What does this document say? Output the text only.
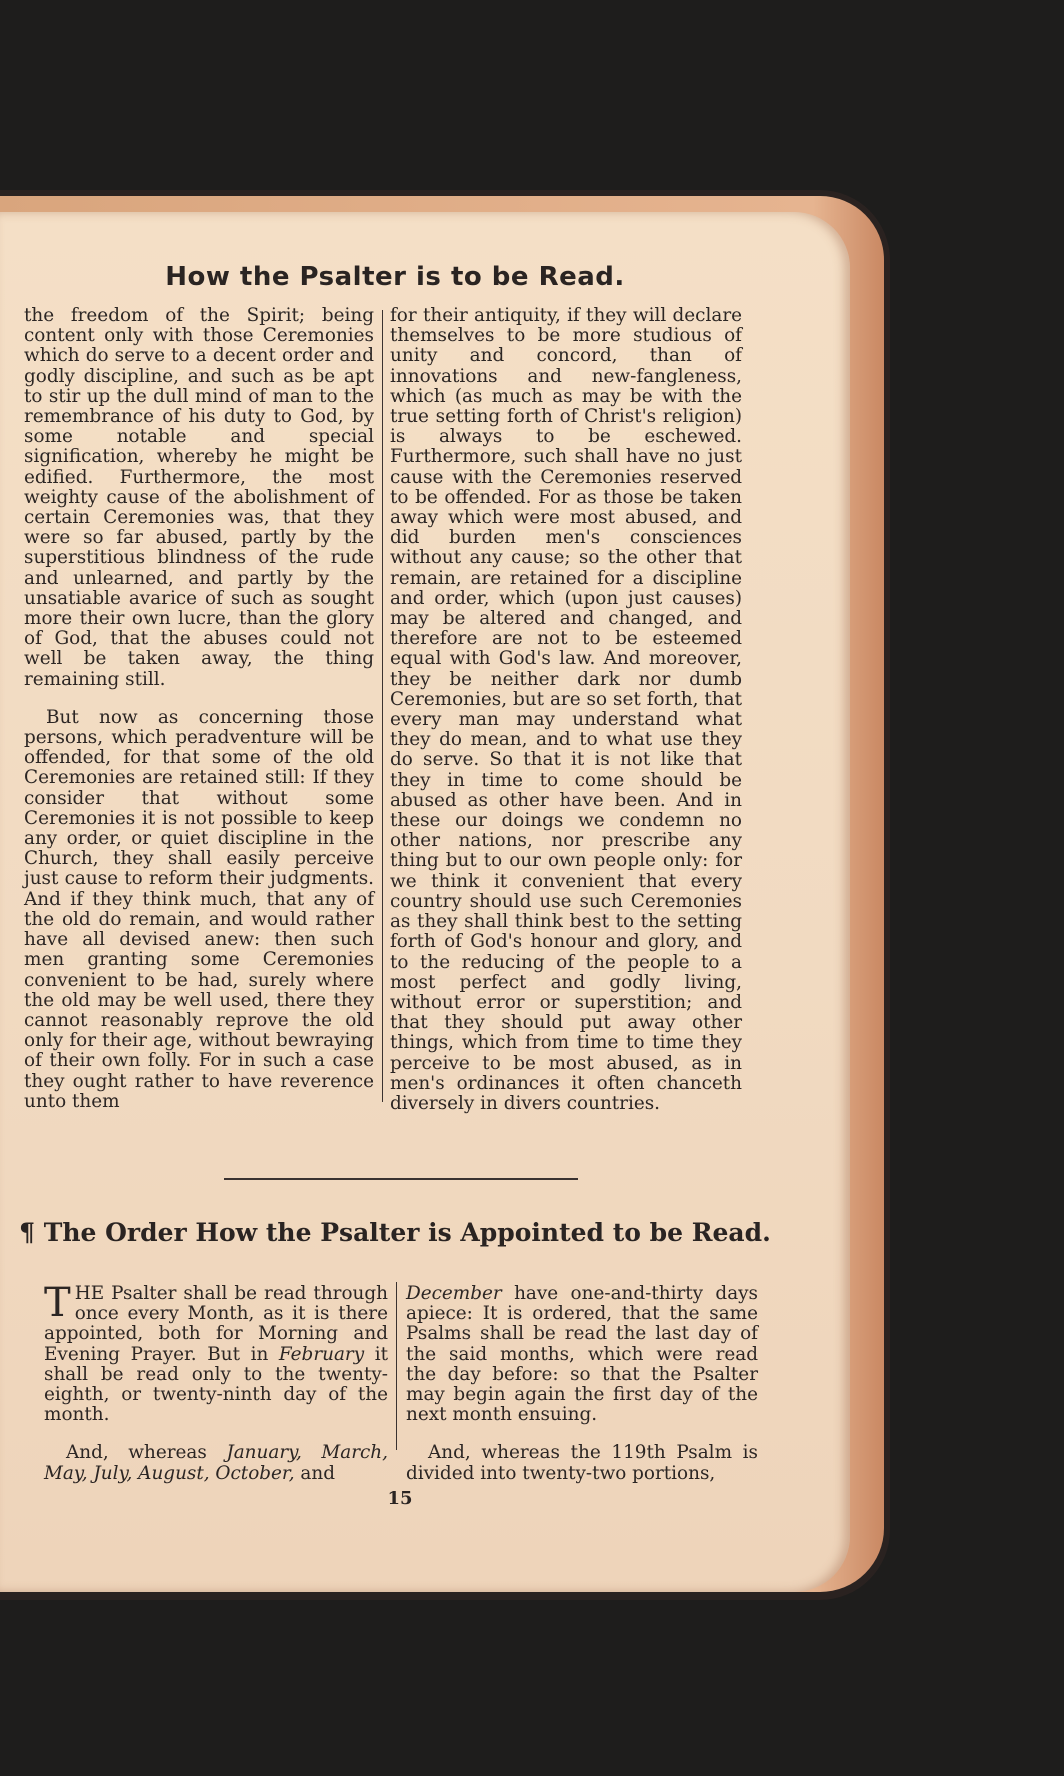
How the Psalter is to be Read.

the freedom of the Spirit; being content only with those Ceremonies which do serve to a decent order and godly discipline, and such as be apt to stir up the dull mind of man to the remembrance of his duty to God, by some notable and special signification, whereby he might be edified. Furthermore, the most weighty cause of the abolishment of certain Ceremonies was, that they were so far abused, partly by the superstitious blindness of the rude and unlearned, and partly by the unsatiable avarice of such as sought more their own lucre, than the glory of God, that the abuses could not well be taken away, the thing remaining still.

But now as concerning those persons, which peradventure will be offended, for that some of the old Ceremonies are retained still: If they consider that without some Ceremonies it is not possible to keep any order, or quiet discipline in the Church, they shall easily perceive just cause to reform their judgments. And if they think much, that any of the old do remain, and would rather have all devised anew: then such men granting some Ceremonies convenient to be had, surely where the old may be well used, there they cannot reasonably reprove the old only for their age, without bewraying of their own folly. For in such a case they ought rather to have reverence unto them

for their antiquity, if they will declare themselves to be more studious of unity and concord, than of innovations and new-fangleness, which (as much as may be with the true setting forth of Christ's religion) is always to be eschewed. Furthermore, such shall have no just cause with the Ceremonies reserved to be offended. For as those be taken away which were most abused, and did burden men's consciences without any cause; so the other that remain, are retained for a discipline and order, which (upon just causes) may be altered and changed, and therefore are not to be esteemed equal with God's law. And moreover, they be neither dark nor dumb Ceremonies, but are so set forth, that every man may understand what they do mean, and to what use they do serve. So that it is not like that they in time to come should be abused as other have been. And in these our doings we condemn no other nations, nor prescribe any thing but to our own people only: for we think it convenient that every country should use such Ceremonies as they shall think best to the setting forth of God's honour and glory, and to the reducing of the people to a most perfect and godly living, without error or superstition; and that they should put away other things, which from time to time they perceive to be most abused, as in men's ordinances it often chanceth diversely in divers countries.

¶ The Order How the Psalter is Appointed to be Read.

THE Psalter shall be read through once every Month, as it is there appointed, both for Morning and Evening Prayer. But in February it shall be read only to the twenty-eighth, or twenty-ninth day of the month.

And, whereas January, March, May, July, August, October, and

December have one-and-thirty days apiece: It is ordered, that the same Psalms shall be read the last day of the said months, which were read the day before: so that the Psalter may begin again the first day of the next month ensuing.

And, whereas the 119th Psalm is divided into twenty-two portions,

15
